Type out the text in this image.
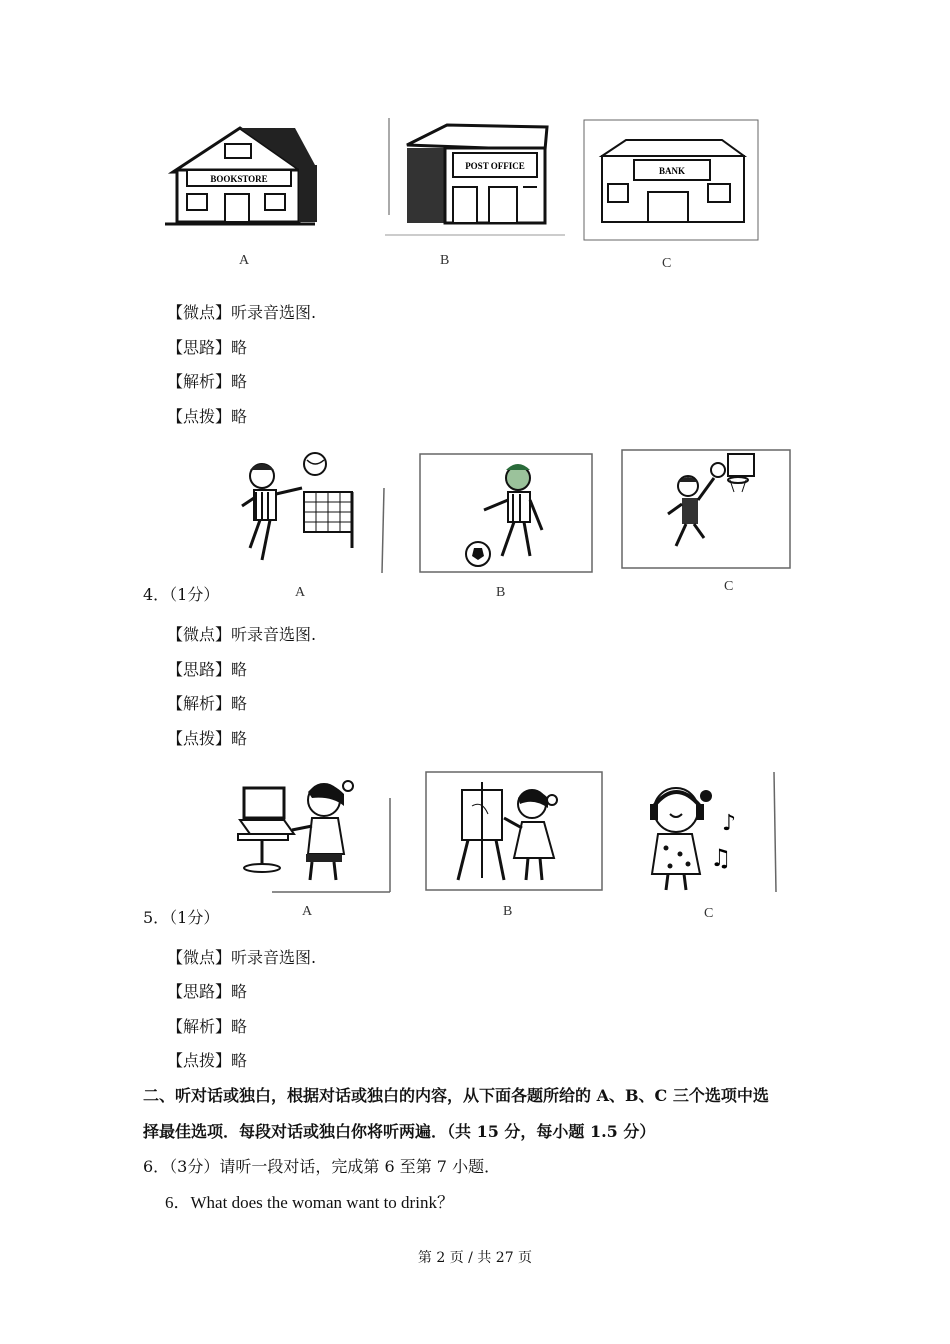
BOOKSTORE
POST OFFICE	BANK
A	B	C
【微点】听录音选图.
【思路】略
【解析】略
【点拨】略
4．（1分）	A	B	C
【微点】听录音选图.
【思路】略
【解析】略
【点拨】略
♪
♫
5．（1分）	A	B	C
【微点】听录音选图.
【思路】略
【解析】略
【点拨】略
二、听对话或独白，根据对话或独白的内容，从下面各题所给的 A、B、C 三个选项中选
择最佳选项．每段对话或独白你将听两遍．（共 15 分，每小题 1.5 分）
6．（3分）请听一段对话，完成第 6 至第 7 小题．
6．What does the woman want to drink？
第 2 页 / 共 27 页
